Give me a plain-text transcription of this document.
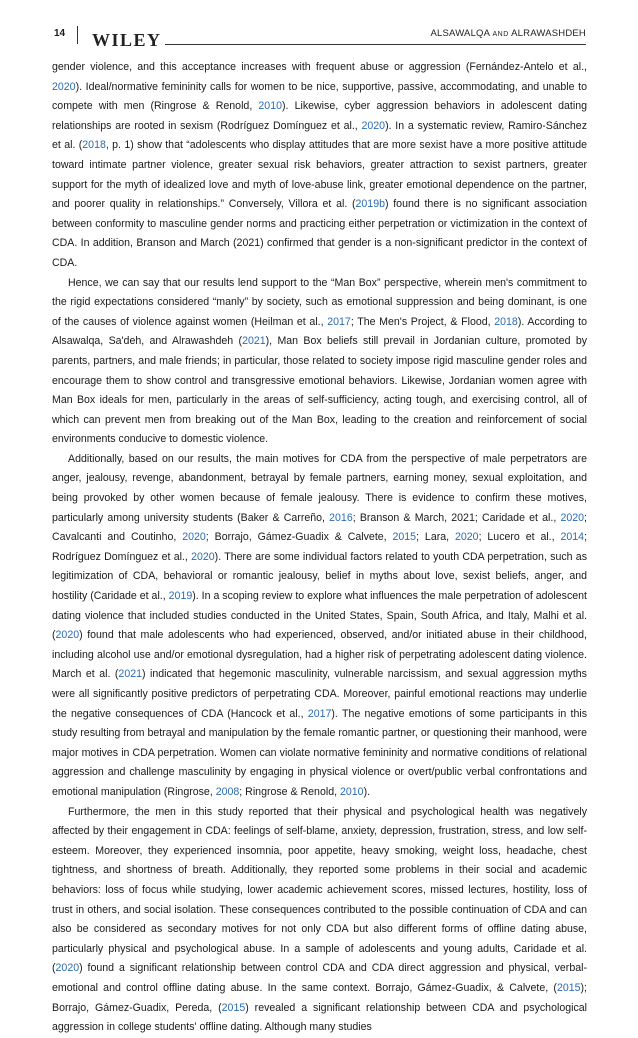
14 WILEY	ALSAWALQA AND ALRAWASHDEH

gender violence, and this acceptance increases with frequent abuse or aggression (Fernández-Antelo et al., 2020). Ideal/normative femininity calls for women to be nice, supportive, passive, accommodating, and unable to compete with men (Ringrose & Renold, 2010). Likewise, cyber aggression behaviors in adolescent dating relationships are rooted in sexism (Rodríguez Domínguez et al., 2020). In a systematic review, Ramiro-Sánchez et al. (2018, p. 1) show that “adolescents who display attitudes that are more sexist have a more positive attitude toward intimate partner violence, greater sexual risk behaviors, greater attraction to sexist partners, greater support for the myth of idealized love and myth of love-abuse link, greater emotional dependence on the partner, and poorer quality in relationships.” Conversely, Villora et al. (2019b) found there is no significant association between conformity to masculine gender norms and practicing either perpetration or victimization in the context of CDA. In addition, Branson and March (2021) confirmed that gender is a non-significant predictor in the context of CDA.

Hence, we can say that our results lend support to the “Man Box” perspective, wherein men's commitment to the rigid expectations considered “manly” by society, such as emotional suppression and being dominant, is one of the causes of violence against women (Heilman et al., 2017; The Men's Project, & Flood, 2018). According to Alsawalqa, Sa'deh, and Alrawashdeh (2021), Man Box beliefs still prevail in Jordanian culture, promoted by parents, partners, and male friends; in particular, those related to society impose rigid masculine gender roles and encourage them to show control and transgressive emotional behaviors. Likewise, Jordanian women agree with Man Box ideals for men, particularly in the areas of self-sufficiency, acting tough, and exercising control, all of which can prevent men from breaking out of the Man Box, leading to the creation and reinforcement of social environments conducive to domestic violence.

Additionally, based on our results, the main motives for CDA from the perspective of male perpetrators are anger, jealousy, revenge, abandonment, betrayal by female partners, earning money, sexual exploitation, and being provoked by other women because of female jealousy. There is evidence to confirm these motives, particularly among university students (Baker & Carreño, 2016; Branson & March, 2021; Caridade et al., 2020; Cavalcanti and Coutinho, 2020; Borrajo, Gámez-Guadix & Calvete, 2015; Lara, 2020; Lucero et al., 2014; Rodríguez Domínguez et al., 2020). There are some individual factors related to youth CDA perpetration, such as legitimization of CDA, behavioral or romantic jealousy, belief in myths about love, sexist beliefs, anger, and hostility (Caridade et al., 2019). In a scoping review to explore what influences the male perpetration of adolescent dating violence that included studies conducted in the United States, Spain, South Africa, and Italy, Malhi et al. (2020) found that male adolescents who had experienced, observed, and/or initiated abuse in their childhood, including alcohol use and/or emotional dysregulation, had a higher risk of perpetrating adolescent dating violence. March et al. (2021) indicated that hegemonic masculinity, vulnerable narcissism, and sexual aggression myths were all significantly positive predictors of perpetrating CDA. Moreover, painful emotional reactions may underlie the negative consequences of CDA (Hancock et al., 2017). The negative emotions of some participants in this study resulting from betrayal and manipulation by the female romantic partner, or questioning their manhood, were major motives in CDA perpetration. Women can violate normative femininity and normative conditions of relational aggression and challenge masculinity by engaging in physical violence or overt/public verbal confrontations and emotional manipulation (Ringrose, 2008; Ringrose & Renold, 2010).

Furthermore, the men in this study reported that their physical and psychological health was negatively affected by their engagement in CDA: feelings of self-blame, anxiety, depression, frustration, stress, and low self-esteem. Moreover, they experienced insomnia, poor appetite, heavy smoking, weight loss, headache, chest tightness, and shortness of breath. Additionally, they reported some problems in their social and academic behaviors: loss of focus while studying, lower academic achievement scores, missed lectures, hostility, loss of trust in others, and social isolation. These consequences contributed to the possible continuation of CDA and can also be considered as secondary motives for not only CDA but also different forms of offline dating abuse, particularly physical and psychological abuse. In a sample of adolescents and young adults, Caridade et al. (2020) found a significant relationship between control CDA and CDA direct aggression and physical, verbal-emotional and control offline dating abuse. In the same context. Borrajo, Gámez-Guadix, & Calvete, (2015); Borrajo, Gámez-Guadix, Pereda, (2015) revealed a significant relationship between CDA and psychological aggression in college students' offline dating. Although many studies
